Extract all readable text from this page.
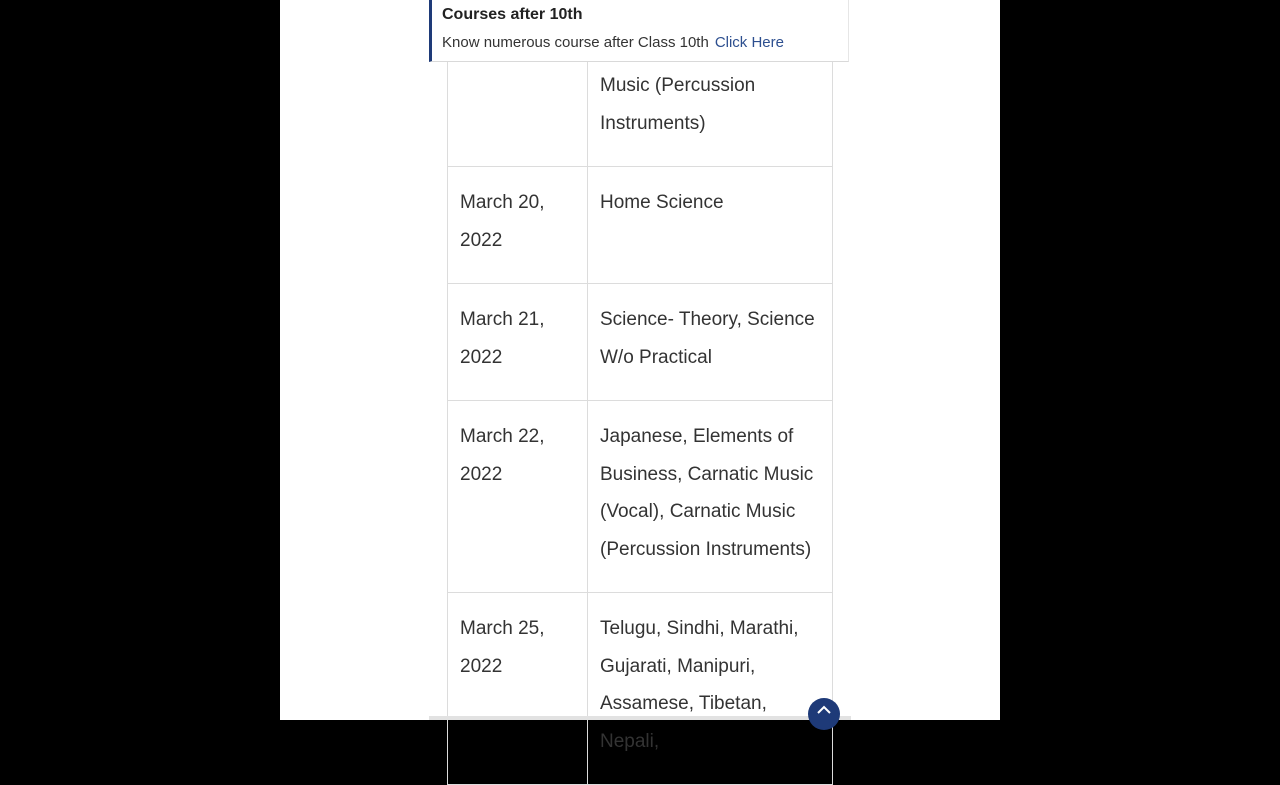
Courses after 10th
Know numerous course after Class 10th Click Here
	Music (Percussion Instruments)
March 20, 2022	Home Science
March 21, 2022	Science- Theory, Science W/o Practical
March 22, 2022	Japanese, Elements of Business, Carnatic Music (Vocal), Carnatic Music (Percussion Instruments)
March 25, 2022	Telugu, Sindhi, Marathi, Gujarati, Manipuri, Assamese, Tibetan, Nepali,
